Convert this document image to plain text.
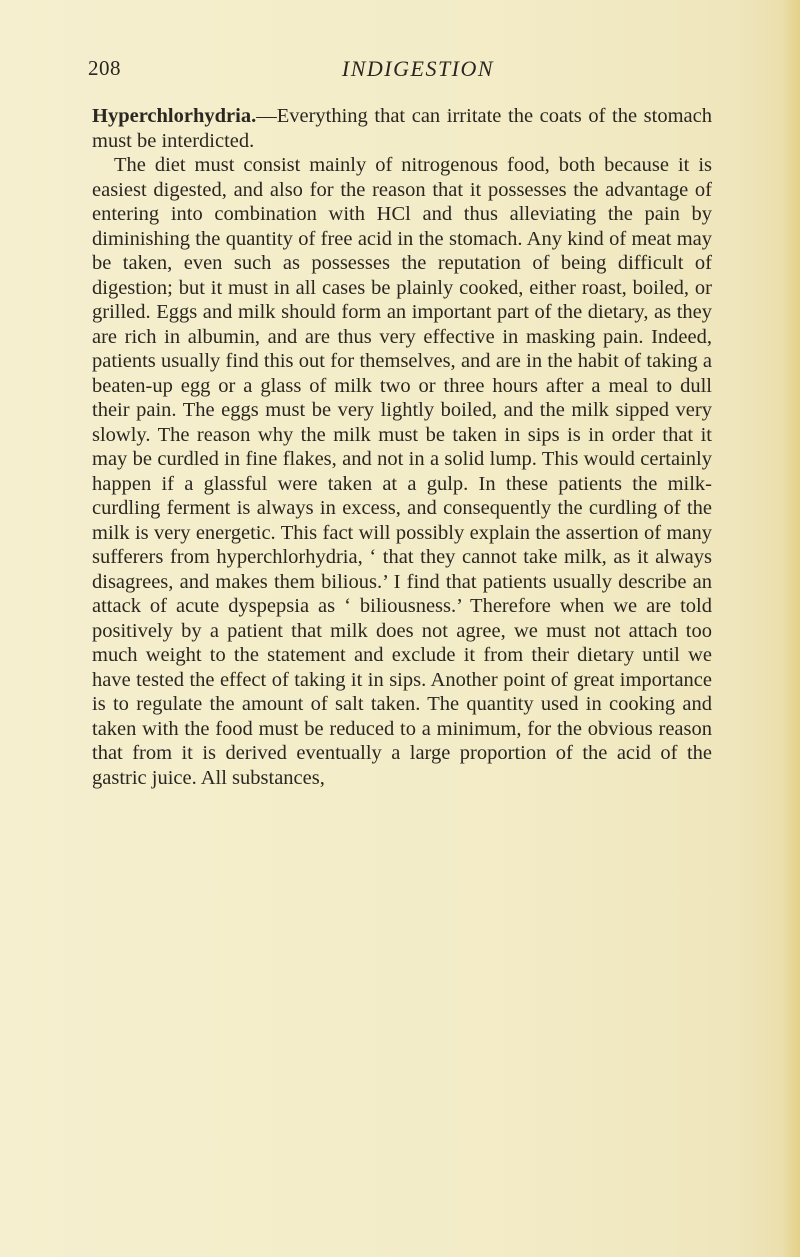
208	INDIGESTION

Hyperchlorhydria.—Everything that can irritate the coats of the stomach must be interdicted.

The diet must consist mainly of nitrogenous food, both because it is easiest digested, and also for the reason that it possesses the advantage of entering into combination with HCl and thus alleviating the pain by diminishing the quantity of free acid in the stomach. Any kind of meat may be taken, even such as possesses the reputation of being difficult of digestion; but it must in all cases be plainly cooked, either roast, boiled, or grilled. Eggs and milk should form an important part of the dietary, as they are rich in albumin, and are thus very effective in masking pain. Indeed, patients usually find this out for themselves, and are in the habit of taking a beaten-up egg or a glass of milk two or three hours after a meal to dull their pain. The eggs must be very lightly boiled, and the milk sipped very slowly. The reason why the milk must be taken in sips is in order that it may be curdled in fine flakes, and not in a solid lump. This would certainly happen if a glassful were taken at a gulp. In these patients the milk-curdling ferment is always in excess, and consequently the curdling of the milk is very energetic. This fact will possibly explain the assertion of many sufferers from hyperchlorhydria, ‘ that they cannot take milk, as it always disagrees, and makes them bilious.’ I find that patients usually describe an attack of acute dyspepsia as ‘ biliousness.’ Therefore when we are told positively by a patient that milk does not agree, we must not attach too much weight to the statement and exclude it from their dietary until we have tested the effect of taking it in sips. Another point of great importance is to regulate the amount of salt taken. The quantity used in cooking and taken with the food must be reduced to a minimum, for the obvious reason that from it is derived eventually a large proportion of the acid of the gastric juice. All substances,
